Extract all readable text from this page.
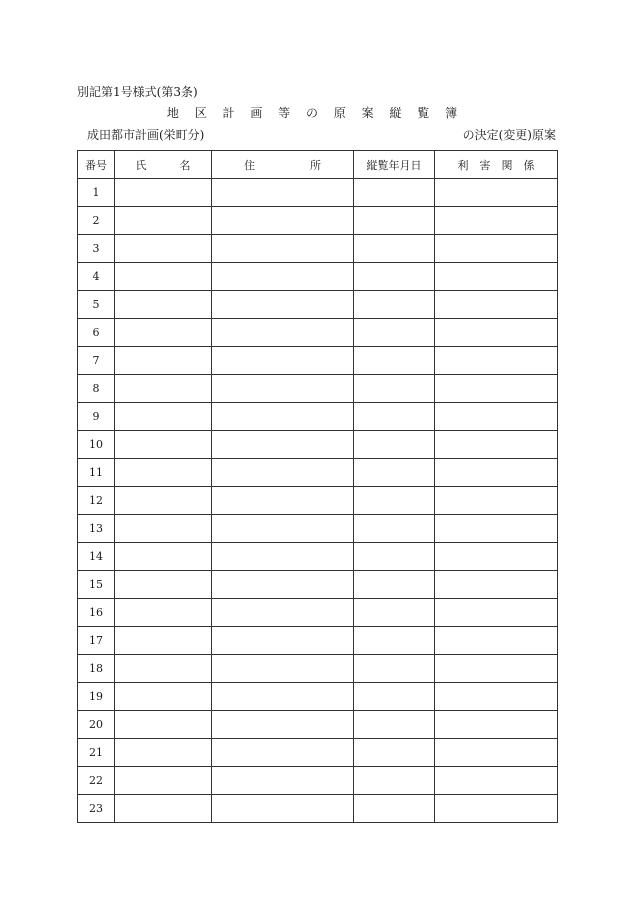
別記第1号様式(第3条)
地 区 計 画 等 の 原 案 縦 覧 簿
成田都市計画(栄町分)	の決定(変更)原案
番号	氏　　　名	住　　　　　所	縦覧年月日	利　害　関　係
1				
2				
3				
4				
5				
6				
7				
8				
9				
10				
11				
12				
13				
14				
15				
16				
17				
18				
19				
20				
21				
22				
23				
